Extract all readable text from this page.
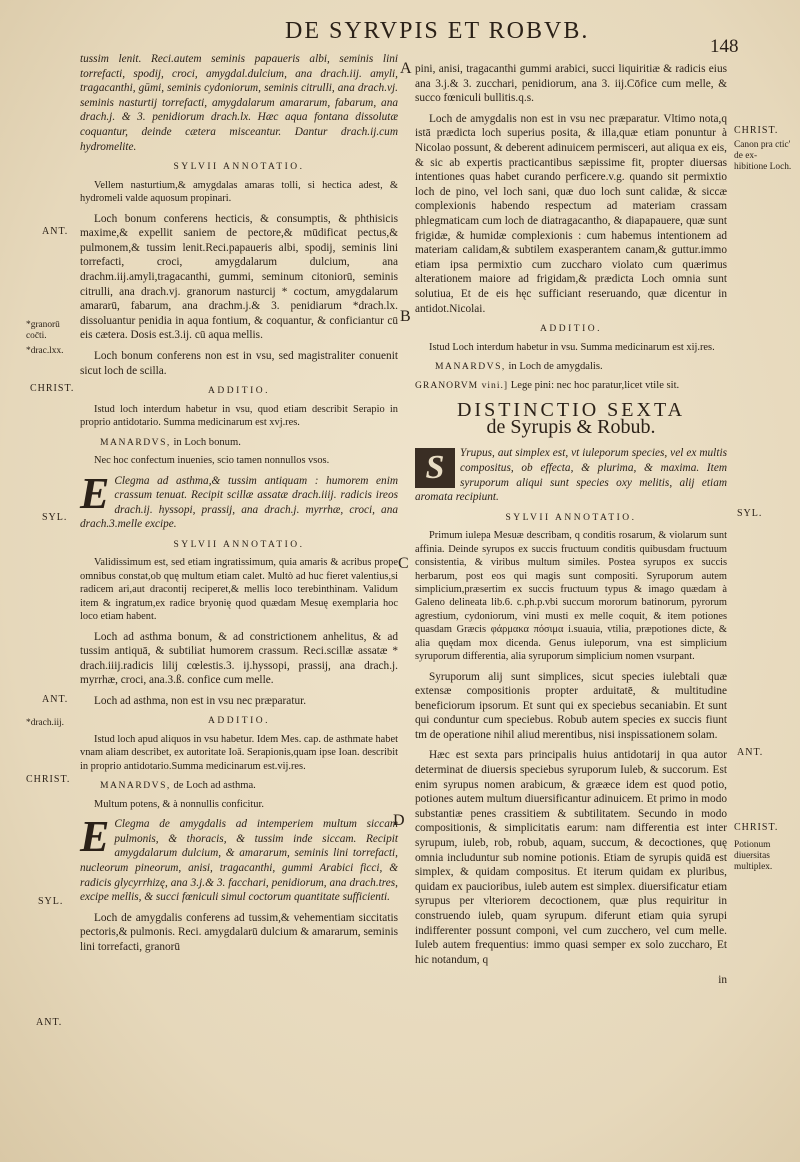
DE SYRVPIS ET ROBVB.
148
A
B
C
D
ANT.
*granorū coc̄ti.
*drac.lxx.
CHRIST.
SYL.
ANT.
*drach.iij.
CHRIST.
SYL.
ANT.
CHRIST.
Canon pra ctic' de ex- hibitione Loch.
SYL.
ANT.
CHRIST.
Potionum diuersitas multiplex.

tussim lenit. Reci.autem seminis papaueris albi, seminis lini torrefacti, spodij, croci, amygdal.dulcium, ana drach.iij. amyli, tragacanthi, gūmi, seminis cydoniorum, seminis citrulli, ana drach.vj. seminis nasturtij torrefacti, amygdalarum amararum, fabarum, ana drach.j. & 3. penidiorum drach.lx. Hæc aqua fontana dissolutæ coquantur, deinde cætera misceantur. Dantur drach.ij.cum hydromelite.

SYLVII ANNOTATIO.

Vellem nasturtium,& amygdalas amaras tolli, si hectica adest, & hydromeli valde aquosum propinari.

Loch bonum conferens hecticis, & consumptis, & phthisicis maxime,& expellit saniem de pectore,& mūdificat pectus,& pulmonem,& tussim lenit.Reci.papaueris albi, spodij, seminis lini torrefacti, croci, amygdalarum dulcium, ana drachm.iij.amyli,tragacanthi, gummi, seminum citoniorū, seminis citrulli, ana drach.vj. granorum nasturcij * coctum, amygdalarum amararū, fabarum, ana drachm.j.& 3. penidiarum *drach.lx. dissoluantur penidia in aqua fontium, & coquantur, & conficiantur cū eis cætera. Dosis est.3.ij. cū aqua mellis.

Loch bonum conferens non est in vsu, sed magistraliter conuenit sicut loch de scilla.

ADDITIO.

Istud loch interdum habetur in vsu, quod etiam describit Serapio in proprio antidotario. Summa medicinarum est xvj.res.

MANARDVS, in Loch bonum.

Nec hoc confectum inuenies, scio tamen nonnullos vsos.

E Clegma ad asthma,& tussim antiquam : humorem enim crassum tenuat. Recipit scillæ assatæ drach.iiij. radicis ireos drach.ij. hyssopi, prassij, ana drach.j. myrrhæ, croci, ana drach.3.melle excipe.

SYLVII ANNOTATIO.

Validissimum est, sed etiam ingratissimum, quia amaris & acribus prope omnibus constat,ob quę multum etiam calet. Multò ad huc fieret valentius,si radicem ari,aut dracontij reciperet,& mellis loco terebinthinam. Validum item & ingratum,ex radice bryonię quod quædam Mesuę exemplaria hoc loco etiam habent.

Loch ad asthma bonum, & ad constrictionem anhelitus, & ad tussim antiquā, & subtiliat humorem crassum. Reci.scillæ assatæ * drach.iiij.radicis lilij cœlestis.3. ij.hyssopi, prassij, ana drach.j. myrrhæ, croci, ana.3.ß. confice cum melle.

Loch ad asthma, non est in vsu nec præparatur.

ADDITIO.

Istud loch apud aliquos in vsu habetur. Idem Mes. cap. de asthmate habet vnam aliam describet, ex autoritate Ioā. Serapionis,quam ipse Ioan. describit in proprio antidotario.Summa medicinarum est.vij.res.

MANARDVS, de Loch ad asthma.

Multum potens, & à nonnullis conficitur.

E Clegma de amygdalis ad intemperiem multum siccam pulmonis, & thoracis, & tussim inde siccam. Recipit amygdalarum dulcium, & amararum, seminis lini torrefacti, nucleorum pineorum, anisi, tragacanthi, gummi Arabici ficci, & radicis glycyrrhizę, ana 3.j.& 3. facchari, penidiorum, ana drach.tres, excipe mellis, & succi fœniculi simul coctorum quantitate sufficienti.

Loch de amygdalis conferens ad tussim,& vehementiam siccitatis pectoris,& pulmonis. Reci. amygdalarū dulcium & amararum, seminis lini torrefacti, granorū

pini, anisi, tragacanthi gummi arabici, succi liquiritiæ & radicis eius ana 3.j.& 3. zucchari, penidiorum, ana 3. iij.Cōfice cum melle, & succo fœniculi bullitis.q.s.

Loch de amygdalis non est in vsu nec præparatur. Vltimo nota,q istā prædicta loch superius posita, & illa,quæ etiam ponuntur à Nicolao possunt, & deberent adinuicem permisceri, aut aliqua ex eis, & sic ab expertis practicantibus sæpissime fit, propter diuersas intentiones quas habet curando perficere.v.g. quando sit permixtio loch de pino, vel loch sani, quæ duo loch sunt calidæ, & siccæ complexionis habendo respectum ad materiam crassam phlegmaticam cum loch de diatragacantho, & diapapauere, quæ sunt frigidæ, & humidæ complexionis : cum habemus intentionem ad materiam calidam,& subtilem exasperantem canam,& guttur.immo etiam ipsa permixtio cum zuccharo violato cum quærimus alterationem maiore ad frigidam,& prædicta Loch omnia sunt solutiua, Et de eis hęc sufficiant reseruando, quæ dicentur in antidot.Nicolai.

ADDITIO.

Istud Loch interdum habetur in vsu. Summa medicinarum est xij.res.

MANARDVS, in Loch de amygdalis.
GRANORVM vini.] Lege pini: nec hoc paratur,licet vtile sit.
DISTINCTIO SEXTA
de Syrupis & Robub.

S	Yrupus, aut simplex est, vt iuleporum species, vel ex multis compositus, ob effecta, & plurima, & maxima. Item syruporum aliqui sunt species oxy melitis, alij etiam aromata recipiunt.

SYLVII ANNOTATIO.

Primum iulepa Mesuæ describam, q conditis rosarum, & violarum sunt affinia. Deinde syrupos ex succis fructuum conditis quibusdam fructuum consistentia, & viribus multum similes. Postea syrupos ex succis herbarum, post eos qui magis sunt compositi. Syruporum autem simplicium,præsertim ex succis fructuum typus & imago quædam à Galeno delineata lib.6. c.ph.p.vbi succum mororum batinorum, pyrorum agrestium, cydoniorum, vini musti ex melle coquit, & item potiones quasdam Græcis φάρμακα πόσιμα i.suauia, vtilia, præpotiones dicte, & alia quędam mox dicenda. Genus iuleporum, vna est simplicium syruporum differentia, alia syruporum simplicium nomen vsurpant.

Syruporum alij sunt simplices, sicut species iulebtali quæ extensæ compositionis propter arduitatē, & multitudine beneficiorum ipsorum. Et sunt qui ex speciebus secaniabin. Et sunt qui conduntur cum speciebus. Robub autem species ex succis fiunt tm de operatione nihil aliud merentibus, nisi inspissationem solam.

Hæc est sexta pars principalis huius antidotarij in qua autor determinat de diuersis speciebus syruporum Iuleb, & succorum. Est enim syrupus nomen arabicum, & grææce idem est quod potio, potiones autem multum diuersificantur adinuicem. Et primo in modo substantiæ penes crassitiem & subtilitatem. Secundo in modo compositionis, & simplicitatis earum: nam differentia est inter syrupum, iuleb, rob, robub, aquam, succum, & decoctiones, quę omnia includuntur sub nomine potionis. Etiam de syrupis quidā est simplex, & quidam compositus. Et iterum quidam ex pluribus, quidam ex paucioribus, iuleb autem est simplex. diuersificatur etiam syrupus per vlteriorem decoctionem, quæ plus requiritur in construendo iuleb, quam syrupum. diferunt etiam quia syrupi indifferenter possunt componi, vel cum zucchero, vel cum melle. Iuleb autem frequentius: immo quasi semper ex solo zuccharo, Et hic notandum, q

in
